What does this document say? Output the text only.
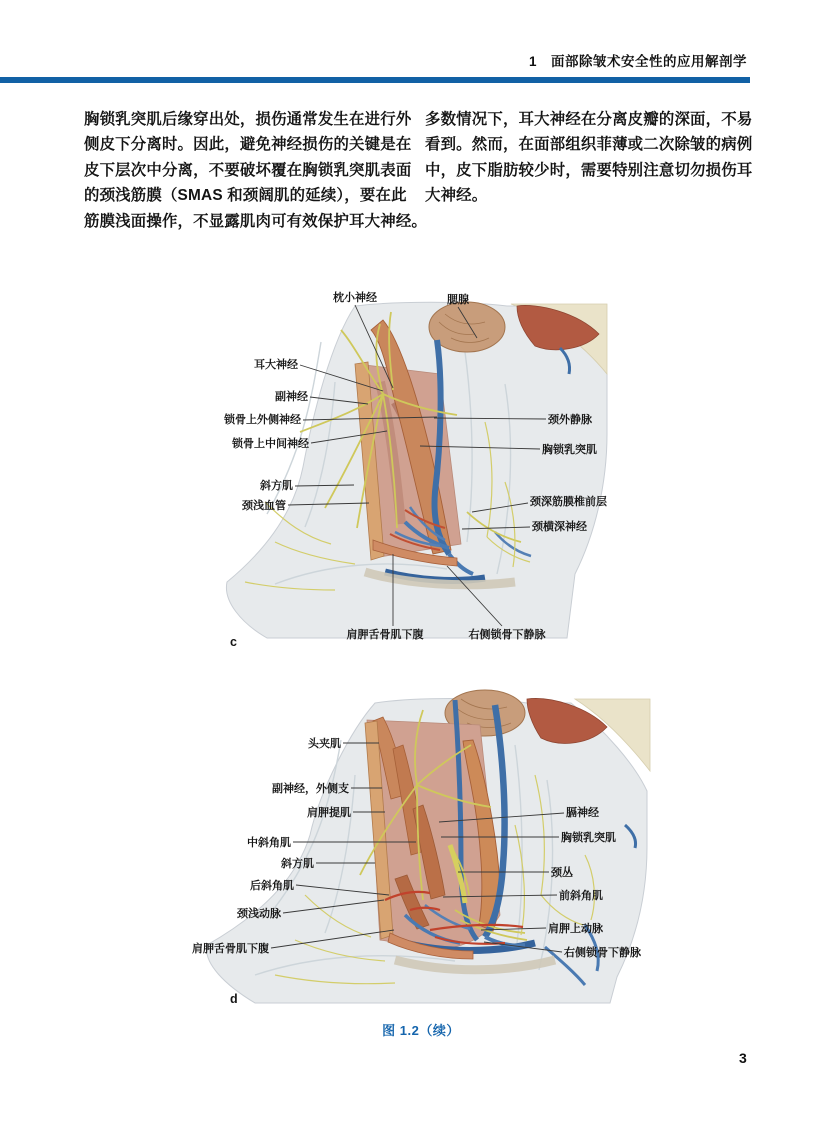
1 面部除皱术安全性的应用解剖学
胸锁乳突肌后缘穿出处，损伤通常发生在进行外
侧皮下分离时。因此，避免神经损伤的关键是在
皮下层次中分离，不要破坏覆在胸锁乳突肌表面
的颈浅筋膜（SMAS 和颈阔肌的延续），要在此
筋膜浅面操作，不显露肌肉可有效保护耳大神经。
多数情况下，耳大神经在分离皮瓣的深面，不易
看到。然而，在面部组织菲薄或二次除皱的病例
中，皮下脂肪较少时，需要特别注意切勿损伤耳
大神经。
枕小神经	腮腺
耳大神经
副神经
锁骨上外侧神经
锁骨上中间神经
斜方肌
颈浅血管
颈外静脉
胸锁乳突肌
颈深筋膜椎前层
颈横深神经
肩胛舌骨肌下腹	右侧锁骨下静脉
c
头夹肌
副神经，外侧支
肩胛提肌
中斜角肌
斜方肌
后斜角肌
颈浅动脉
肩胛舌骨肌下腹
膈神经
胸锁乳突肌
颈丛
前斜角肌
肩胛上动脉
右侧锁骨下静脉
d
图 1.2（续）
3
